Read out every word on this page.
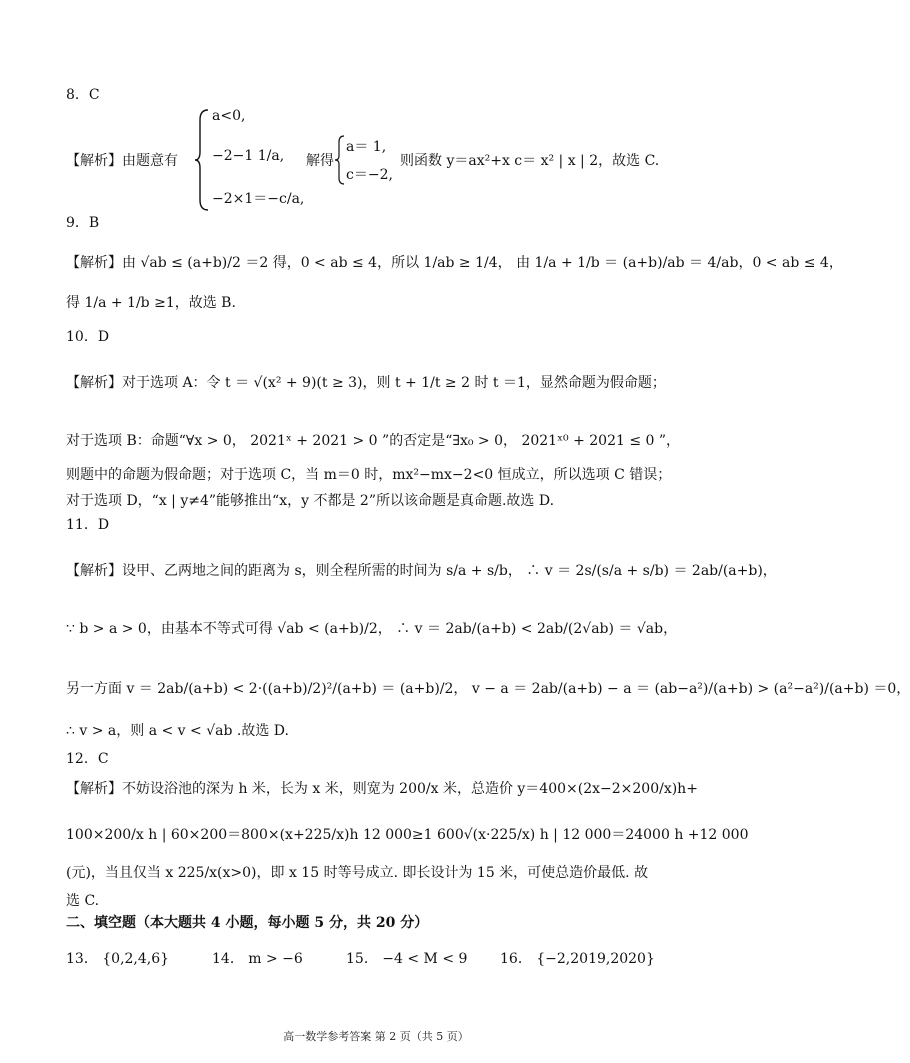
8．C
【解析】由题意有
a<0,
−2−1 1/a,
−2×1＝−c/a,
解得
a＝ 1,
c＝−2,
则函数 y＝ax²+x c＝ x² | x | 2，故选 C.
9．B
【解析】由 √ab ≤ (a+b)/2 ＝2 得，0 < ab ≤ 4，所以 1/ab ≥ 1/4， 由 1/a + 1/b ＝ (a+b)/ab ＝ 4/ab，0 < ab ≤ 4，
得 1/a + 1/b ≥1，故选 B.
10．D
【解析】对于选项 A：令 t ＝ √(x² + 9)(t ≥ 3)，则 t + 1/t ≥ 2 时 t ＝1，显然命题为假命题；
对于选项 B：命题“∀x > 0， 2021ˣ + 2021 > 0 ”的否定是“∃x₀ > 0， 2021ˣ⁰ + 2021 ≤ 0 ”，
则题中的命题为假命题；对于选项 C，当 m＝0 时，mx²−mx−2<0 恒成立，所以选项 C 错误；
对于选项 D，“x | y≠4”能够推出“x，y 不都是 2”所以该命题是真命题.故选 D.
11．D
【解析】设甲、乙两地之间的距离为 s，则全程所需的时间为 s/a + s/b， ∴ v ＝ 2s/(s/a + s/b) ＝ 2ab/(a+b)，
∵ b > a > 0，由基本不等式可得 √ab < (a+b)/2， ∴ v ＝ 2ab/(a+b) < 2ab/(2√ab) ＝ √ab，
另一方面 v ＝ 2ab/(a+b) < 2·((a+b)/2)²/(a+b) ＝ (a+b)/2， v − a ＝ 2ab/(a+b) − a ＝ (ab−a²)/(a+b) > (a²−a²)/(a+b) ＝0，
∴ v > a，则 a < v < √ab .故选 D.
12．C
【解析】不妨设浴池的深为 h 米，长为 x 米，则宽为 200/x 米，总造价 y＝400×(2x−2×200/x)h+
100×200/x h | 60×200＝800×(x+225/x)h 12 000≥1 600√(x·225/x) h | 12 000＝24000 h +12 000
(元)，当且仅当 x 225/x(x>0)，即 x 15 时等号成立. 即长设计为 15 米，可使总造价最低. 故
选 C.
二、填空题（本大题共 4 小题，每小题 5 分，共 20 分）
13． {0,2,4,6}	14． m > −6	15． −4 < M < 9 16． {−2,2019,2020}
高一数学参考答案 第 2 页（共 5 页）
